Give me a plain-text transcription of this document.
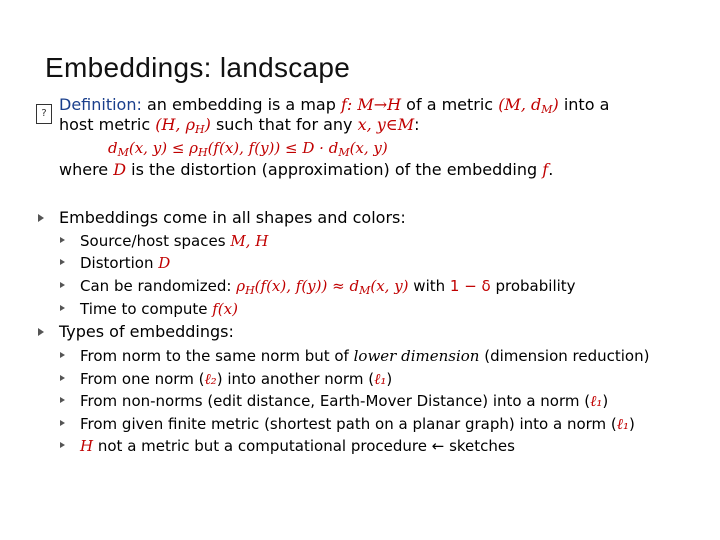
Embeddings: landscape
? Definition: an embedding is a map f: M→H of a metric (M, $d_M$) into a
host metric (H, $\rho_H$) such that for any x, y∈M:
$d_M(x$, $y) \le \rho_H(f(x)$, $f(y)) \le D \cdot d_M(x$, y)
where D is the distortion (approximation) of the embedding f.
Embeddings come in all shapes and colors:
Source/host spaces M, H
Distortion D
Can be randomized: $\rho_H(f(x)$, $f(y)) \approx d_M(x$, y) with 1 − δ probability
Time to compute f(x)
Types of embeddings:
From norm to the same norm but of lower dimension (dimension reduction)
From one norm (ℓ₂) into another norm (ℓ₁)
From non-norms (edit distance, Earth-Mover Distance) into a norm (ℓ₁)
From given finite metric (shortest path on a planar graph) into a norm (ℓ₁)
H not a metric but a computational procedure ← sketches
